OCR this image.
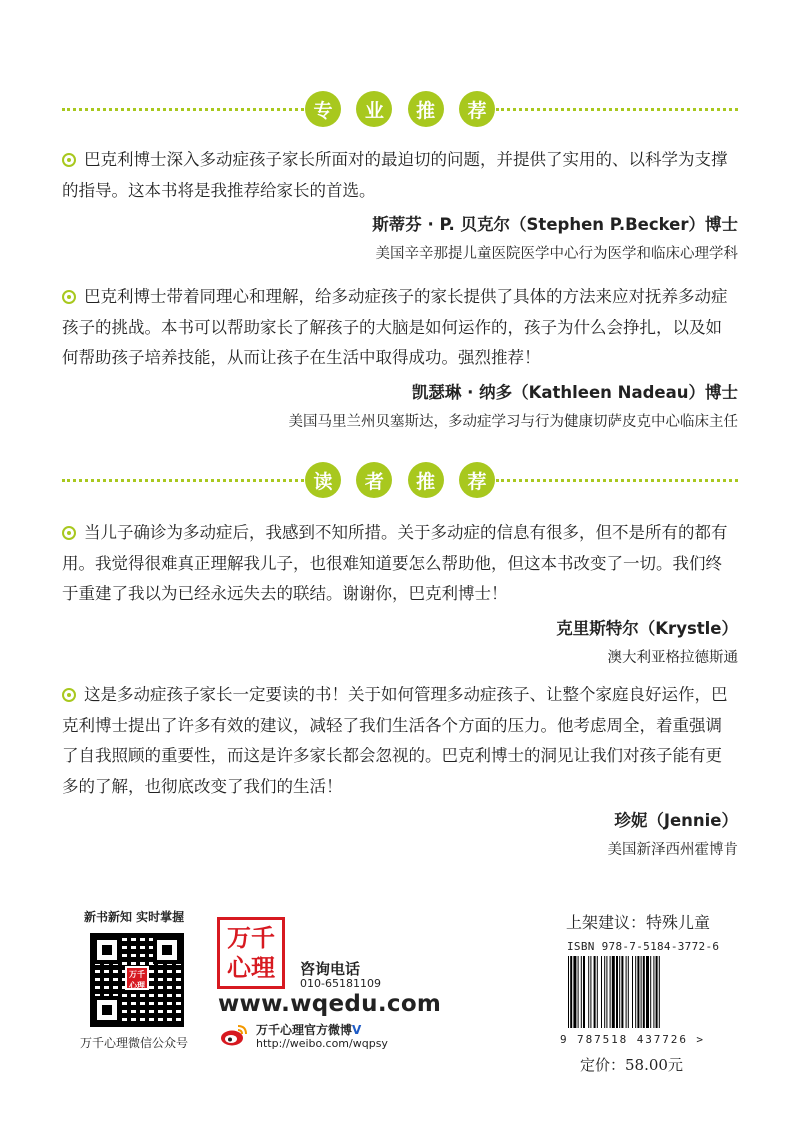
专	业	推	荐

巴克利博士深入多动症孩子家长所面对的最迫切的问题，并提供了实用的、以科学为支撑的指导。这本书将是我推荐给家长的首选。

斯蒂芬 · P. 贝克尔（Stephen P.Becker）博士
美国辛辛那提儿童医院医学中心行为医学和临床心理学科

巴克利博士带着同理心和理解，给多动症孩子的家长提供了具体的方法来应对抚养多动症孩子的挑战。本书可以帮助家长了解孩子的大脑是如何运作的，孩子为什么会挣扎，以及如何帮助孩子培养技能，从而让孩子在生活中取得成功。强烈推荐！

凯瑟琳 · 纳多（Kathleen Nadeau）博士
美国马里兰州贝塞斯达，多动症学习与行为健康切萨皮克中心临床主任
读	者	推	荐

当儿子确诊为多动症后，我感到不知所措。关于多动症的信息有很多，但不是所有的都有用。我觉得很难真正理解我儿子，也很难知道要怎么帮助他，但这本书改变了一切。我们终于重建了我以为已经永远失去的联结。谢谢你，巴克利博士！

克里斯特尔（Krystle）
澳大利亚格拉德斯通

这是多动症孩子家长一定要读的书！关于如何管理多动症孩子、让整个家庭良好运作，巴克利博士提出了许多有效的建议，减轻了我们生活各个方面的压力。他考虑周全，着重强调了自我照顾的重要性，而这是许多家长都会忽视的。巴克利博士的洞见让我们对孩子能有更多的了解，也彻底改变了我们的生活！

珍妮（Jennie）
美国新泽西州霍博肯
新书新知 实时掌握
万千心理
万千心理微信公众号
万千心理	咨询电话
010-65181109
www.wqedu.com
万千心理官方微博V
http://weibo.com/wqpsy
上架建议：特殊儿童
ISBN 978-7-5184-3772-6
9 787518 437726 >
定价：58.00元
